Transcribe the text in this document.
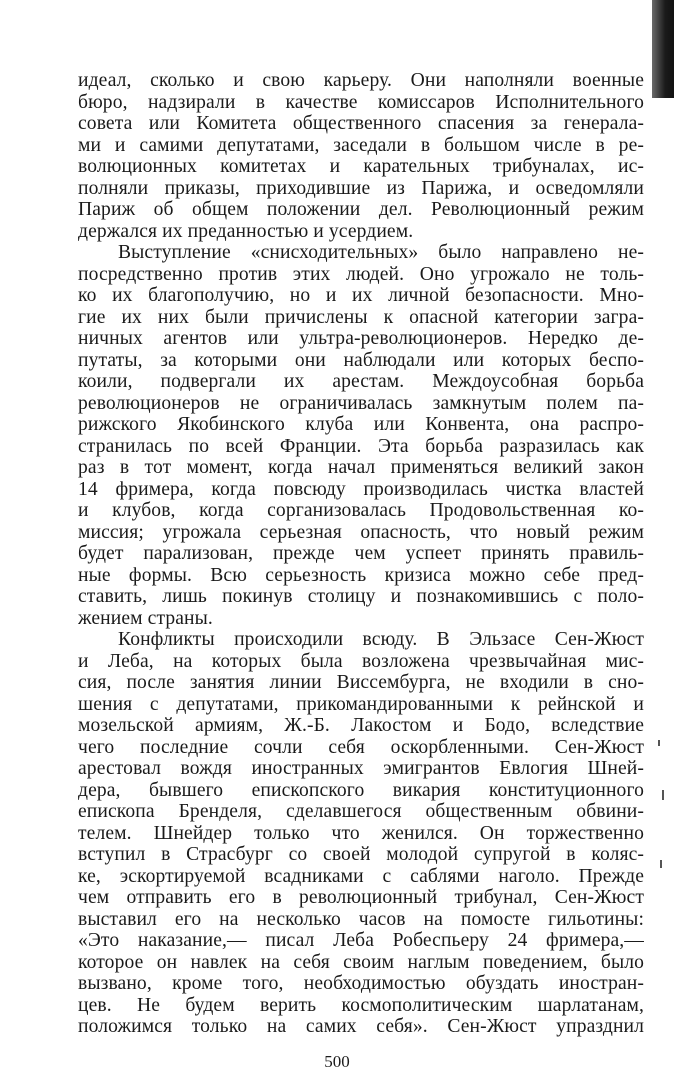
идеал, сколько и свою карьеру. Они наполняли военные
бюро, надзирали в качестве комиссаров Исполнительного
совета или Комитета общественного спасения за генерала-
ми и самими депутатами, заседали в большом числе в ре-
волюционных комитетах и карательных трибуналах, ис-
полняли приказы, приходившие из Парижа, и осведомляли
Париж об общем положении дел. Революционный режим
держался их преданностью и усердием.
Выступление «снисходительных» было направлено не-
посредственно против этих людей. Оно угрожало не толь-
ко их благополучию, но и их личной безопасности. Мно-
гие их них были причислены к опасной категории загра-
ничных агентов или ультра-революционеров. Нередко де-
путаты, за которыми они наблюдали или которых беспо-
коили, подвергали их арестам. Междоусобная борьба
революционеров не ограничивалась замкнутым полем па-
рижского Якобинского клуба или Конвента, она распро-
странилась по всей Франции. Эта борьба разразилась как
раз в тот момент, когда начал применяться великий закон
14 фримера, когда повсюду производилась чистка властей
и клубов, когда сорганизовалась Продовольственная ко-
миссия; угрожала серьезная опасность, что новый режим
будет парализован, прежде чем успеет принять правиль-
ные формы. Всю серьезность кризиса можно себе пред-
ставить, лишь покинув столицу и познакомившись с поло-
жением страны.
Конфликты происходили всюду. В Эльзасе Сен-Жюст
и Леба, на которых была возложена чрезвычайная мис-
сия, после занятия линии Виссембурга, не входили в сно-
шения с депутатами, прикомандированными к рейнской и
мозельской армиям, Ж.-Б. Лакостом и Бодо, вследствие
чего последние сочли себя оскорбленными. Сен-Жюст
арестовал вождя иностранных эмигрантов Евлогия Шней-
дера, бывшего епископского викария конституционного
епископа Бренделя, сделавшегося общественным обвини-
телем. Шнейдер только что женился. Он торжественно
вступил в Страсбург со своей молодой супругой в коляс-
ке, эскортируемой всадниками с саблями наголо. Прежде
чем отправить его в революционный трибунал, Сен-Жюст
выставил его на несколько часов на помосте гильотины:
«Это наказание,— писал Леба Робеспьеру 24 фримера,—
которое он навлек на себя своим наглым поведением, было
вызвано, кроме того, необходимостью обуздать иностран-
цев. Не будем верить космополитическим шарлатанам,
положимся только на самих себя». Сен-Жюст упразднил
500
